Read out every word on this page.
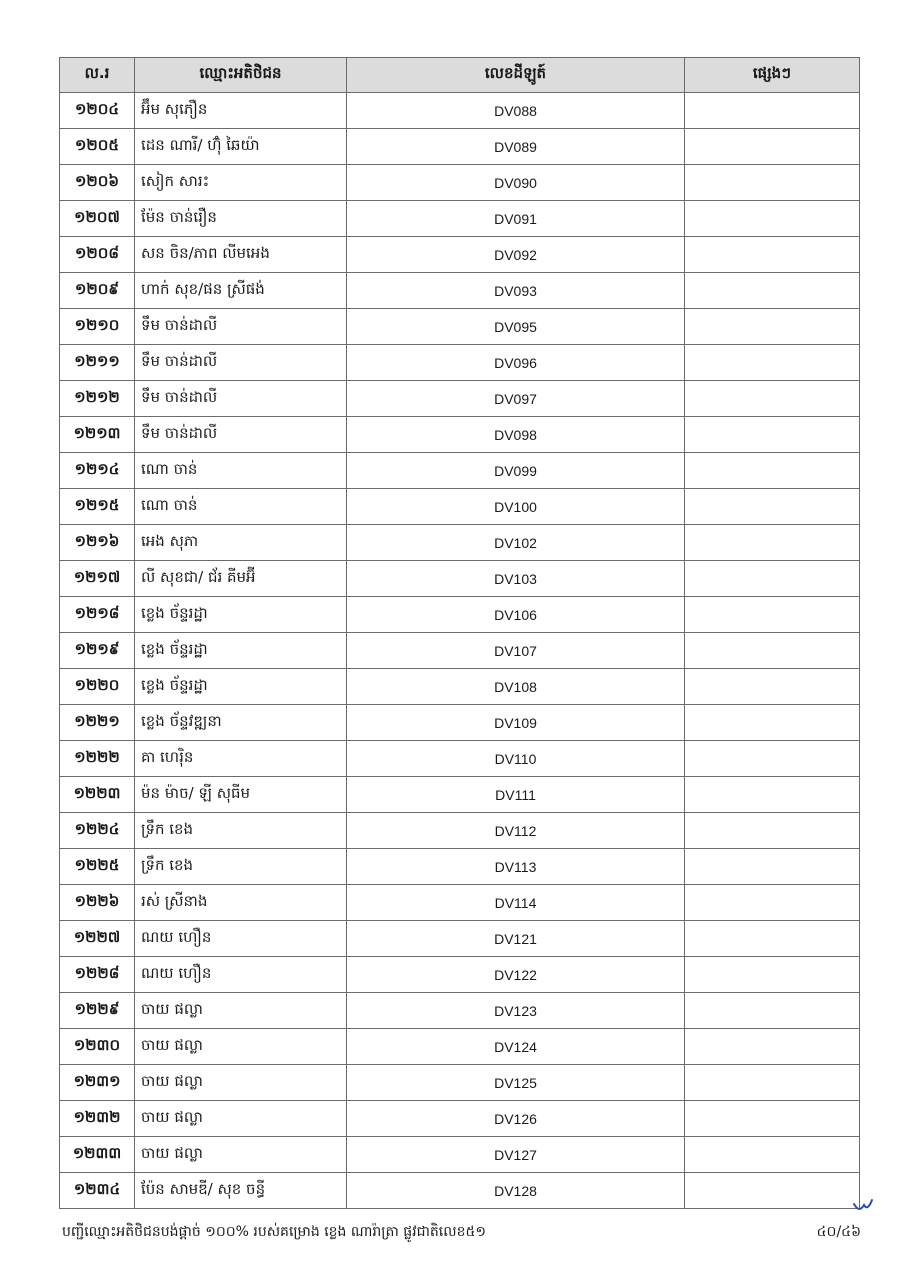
ល.រ	ឈ្មោះអតិថិជន	លេខដីឡូត៍	ផ្សេងៗ
១២០៤	អ៊ឹម សុភឿន	DV088	
១២០៥	ដេន ណារី/ ហ៊ុំ ឆៃយ៉ា	DV089	
១២០៦	សៀក សារះ	DV090	
១២០៧	ម៉ែន ចាន់រឿន	DV091	
១២០៨	សន ចិន/ភាព លីមអេង	DV092	
១២០៩	ហាក់ សុខ/ផន ស្រីផង់	DV093	
១២១០	ទឹម ចាន់ដាលី	DV095	
១២១១	ទឹម ចាន់ដាលី	DV096	
១២១២	ទឹម ចាន់ដាលី	DV097	
១២១៣	ទឹម ចាន់ដាលី	DV098	
១២១៤	ណោ ចាន់	DV099	
១២១៥	ណោ ចាន់	DV100	
១២១៦	អេង សុភា	DV102	
១២១៧	លី សុខជា/ ជ័រ គីមអ៊ី	DV103	
១២១៨	ខ្លេង ច័ន្ទរដ្ឋា	DV106	
១២១៩	ខ្លេង ច័ន្ទរដ្ឋា	DV107	
១២២០	ខ្លេង ច័ន្ទរដ្ឋា	DV108	
១២២១	ខ្លេង ច័ន្ទវឌ្ឍនា	DV109	
១២២២	គា ហេរ៉ិន	DV110	
១២២៣	ម៉ន ម៉ាច/ ឡី សុធីម	DV111	
១២២៤	ទ្រឹក ខេង	DV112	
១២២៥	ទ្រឹក ខេង	DV113	
១២២៦	រស់ ស្រីនាង	DV114	
១២២៧	ណយ ហឿន	DV121	
១២២៨	ណយ ហឿន	DV122	
១២២៩	ចាយ ផល្លា	DV123	
១២៣០	ចាយ ផល្លា	DV124	
១២៣១	ចាយ ផល្លា	DV125	
១២៣២	ចាយ ផល្លា	DV126	
១២៣៣	ចាយ ផល្លា	DV127	
១២៣៤	ប៉ែន សាមឌី/ សុខ ចន្ធី	DV128	
បញ្ជីឈ្មោះអតិថិជនបង់ផ្តាច់ ១០០% របស់គម្រោង ខ្លេង ណារ៉ាត្រា ផ្លូវជាតិលេខ៥១	៤០/៤៦
